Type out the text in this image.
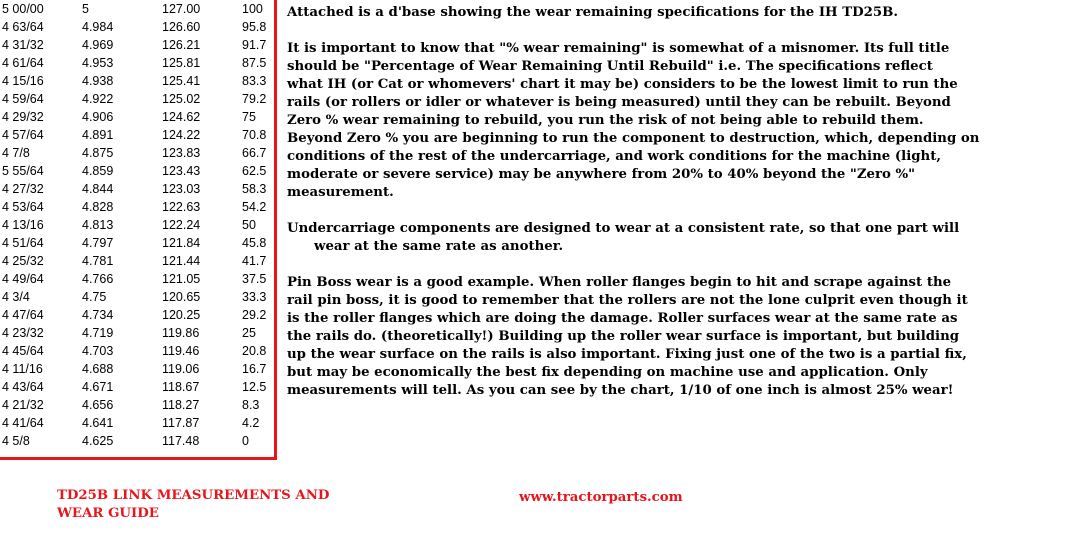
5 00/00	5	127.00	100
4 63/64	4.984	126.60	95.8
4 31/32	4.969	126.21	91.7
4 61/64	4.953	125.81	87.5
4 15/16	4.938	125.41	83.3
4 59/64	4.922	125.02	79.2
4 29/32	4.906	124.62	75
4 57/64	4.891	124.22	70.8
4 7/8	4.875	123.83	66.7
5 55/64	4.859	123.43	62.5
4 27/32	4.844	123.03	58.3
4 53/64	4.828	122.63	54.2
4 13/16	4.813	122.24	50
4 51/64	4.797	121.84	45.8
4 25/32	4.781	121.44	41.7
4 49/64	4.766	121.05	37.5
4 3/4	4.75	120.65	33.3
4 47/64	4.734	120.25	29.2
4 23/32	4.719	119.86	25
4 45/64	4.703	119.46	20.8
4 11/16	4.688	119.06	16.7
4 43/64	4.671	118.67	12.5
4 21/32	4.656	118.27	8.3
4 41/64	4.641	117.87	4.2
4 5/8	4.625	117.48	0

Attached is a d'base showing the wear remaining specifications for the IH TD25B.

It is important to know that "% wear remaining" is somewhat of a misnomer. Its full title
should be "Percentage of Wear Remaining Until Rebuild" i.e. The specifications reflect
what IH (or Cat or whomevers' chart it may be) considers to be the lowest limit to run the
rails (or rollers or idler or whatever is being measured) until they can be rebuilt. Beyond
Zero % wear remaining to rebuild, you run the risk of not being able to rebuild them.
Beyond Zero % you are beginning to run the component to destruction, which, depending on
conditions of the rest of the undercarriage, and work conditions for the machine (light,
moderate or severe service) may be anywhere from 20% to 40% beyond the "Zero %"
measurement.

Undercarriage components are designed to wear at a consistent rate, so that one part will
wear at the same rate as another.

Pin Boss wear is a good example. When roller flanges begin to hit and scrape against the
rail pin boss, it is good to remember that the rollers are not the lone culprit even though it
is the roller flanges which are doing the damage. Roller surfaces wear at the same rate as
the rails do. (theoretically!) Building up the roller wear surface is important, but building
up the wear surface on the rails is also important. Fixing just one of the two is a partial fix,
but may be economically the best fix depending on machine use and application. Only
measurements will tell. As you can see by the chart, 1/10 of one inch is almost 25% wear!

TD25B LINK MEASUREMENTS AND
WEAR GUIDE
www.tractorparts.com
